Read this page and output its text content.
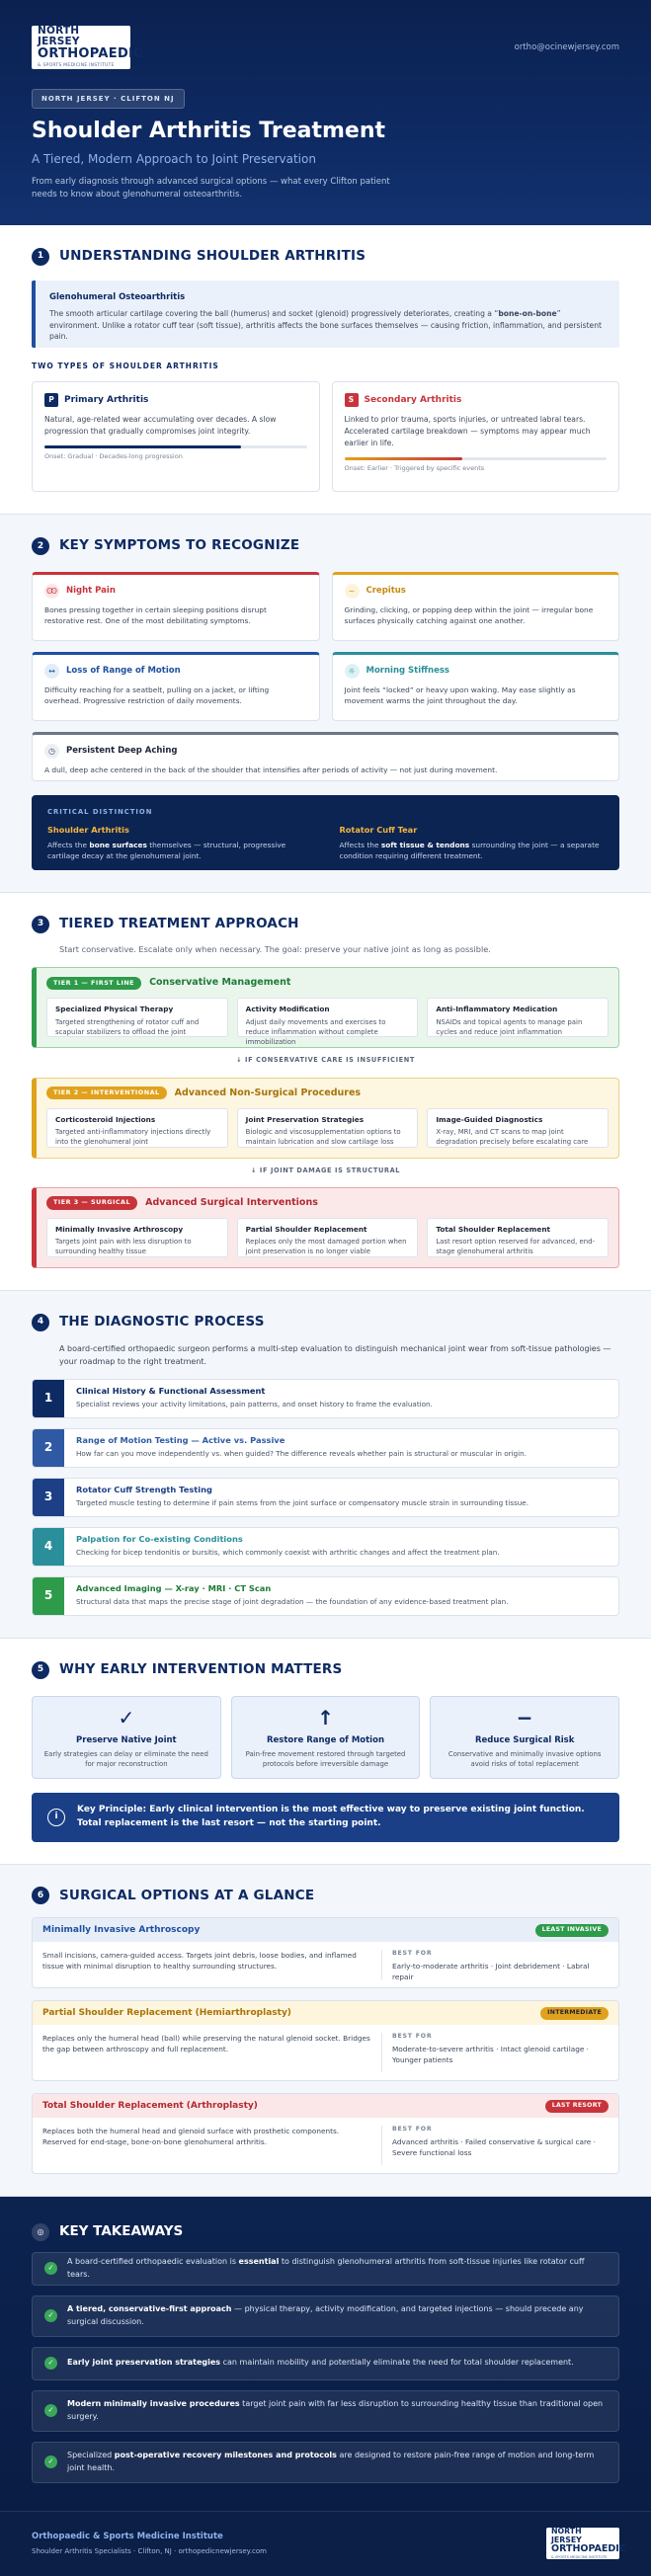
NORTH JERSEY
ORTHOPAEDIC
& SPORTS MEDICINE INSTITUTE
ortho@ocinewjersey.com
NORTH JERSEY · CLIFTON NJ
Shoulder Arthritis Treatment
A Tiered, Modern Approach to Joint Preservation
From early diagnosis through advanced surgical options — what every Clifton patient needs to know about glenohumeral osteoarthritis.
1	UNDERSTANDING SHOULDER ARTHRITIS
Glenohumeral Osteoarthritis

The smooth articular cartilage covering the ball (humerus) and socket (glenoid) progressively deteriorates, creating a “bone-on-bone” environment. Unlike a rotator cuff tear (soft tissue), arthritis affects the bone surfaces themselves — causing friction, inflammation, and persistent pain.

TWO TYPES OF SHOULDER ARTHRITIS
P	Primary Arthritis

Natural, age-related wear accumulating over decades. A slow progression that gradually compromises joint integrity.

Onset: Gradual · Decades-long progression
S	Secondary Arthritis

Linked to prior trauma, sports injuries, or untreated labral tears. Accelerated cartilage breakdown — symptoms may appear much earlier in life.

Onset: Earlier · Triggered by specific events
2	KEY SYMPTOMS TO RECOGNIZE
Ꙭ Night Pain

Bones pressing together in certain sleeping positions disrupt restorative rest. One of the most debilitating symptoms.

~	Crepitus

Grinding, clicking, or popping deep within the joint — irregular bone surfaces physically catching against one another.

↔	Loss of Range of Motion

Difficulty reaching for a seatbelt, pulling on a jacket, or lifting overhead. Progressive restriction of daily movements.

☼	Morning Stiffness

Joint feels “locked” or heavy upon waking. May ease slightly as movement warms the joint throughout the day.

◷	Persistent Deep Aching

A dull, deep ache centered in the back of the shoulder that intensifies after periods of activity — not just during movement.

CRITICAL DISTINCTION
Shoulder Arthritis
Affects the bone surfaces themselves — structural, progressive cartilage decay at the glenohumeral joint.
Rotator Cuff Tear
Affects the soft tissue & tendons surrounding the joint — a separate condition requiring different treatment.
3	TIERED TREATMENT APPROACH
Start conservative. Escalate only when necessary. The goal: preserve your native joint as long as possible.
TIER 1 — FIRST LINE	Conservative Management
Specialized Physical Therapy
Targeted strengthening of rotator cuff and scapular stabilizers to offload the joint
Activity Modification
Adjust daily movements and exercises to reduce inflammation without complete immobilization
Anti-Inflammatory Medication
NSAIDs and topical agents to manage pain cycles and reduce joint inflammation
↓ IF CONSERVATIVE CARE IS INSUFFICIENT
TIER 2 — INTERVENTIONAL	Advanced Non-Surgical Procedures
Corticosteroid Injections
Targeted anti-inflammatory injections directly into the glenohumeral joint
Joint Preservation Strategies
Biologic and viscosupplementation options to maintain lubrication and slow cartilage loss
Image-Guided Diagnostics
X-ray, MRI, and CT scans to map joint degradation precisely before escalating care
↓ IF JOINT DAMAGE IS STRUCTURAL
TIER 3 — SURGICAL	Advanced Surgical Interventions
Minimally Invasive Arthroscopy
Targets joint pain with less disruption to surrounding healthy tissue
Partial Shoulder Replacement
Replaces only the most damaged portion when joint preservation is no longer viable
Total Shoulder Replacement
Last resort option reserved for advanced, end-stage glenohumeral arthritis
4	THE DIAGNOSTIC PROCESS
A board-certified orthopaedic surgeon performs a multi-step evaluation to distinguish mechanical joint wear from soft-tissue pathologies — your roadmap to the right treatment.
1
Clinical History & Functional Assessment
Specialist reviews your activity limitations, pain patterns, and onset history to frame the evaluation.
2
Range of Motion Testing — Active vs. Passive
How far can you move independently vs. when guided? The difference reveals whether pain is structural or muscular in origin.
3
Rotator Cuff Strength Testing
Targeted muscle testing to determine if pain stems from the joint surface or compensatory muscle strain in surrounding tissue.
4
Palpation for Co-existing Conditions
Checking for bicep tendonitis or bursitis, which commonly coexist with arthritic changes and affect the treatment plan.
5
Advanced Imaging — X-ray · MRI · CT Scan
Structural data that maps the precise stage of joint degradation — the foundation of any evidence-based treatment plan.
5	WHY EARLY INTERVENTION MATTERS
✓
Preserve Native Joint
Early strategies can delay or eliminate the need for major reconstruction
↑
Restore Range of Motion
Pain-free movement restored through targeted protocols before irreversible damage
−
Reduce Surgical Risk
Conservative and minimally invasive options avoid risks of total replacement
i
Key Principle: Early clinical intervention is the most effective way to preserve existing joint function. Total replacement is the last resort — not the starting point.
6	SURGICAL OPTIONS AT A GLANCE
Minimally Invasive Arthroscopy	LEAST INVASIVE
Small incisions, camera-guided access. Targets joint debris, loose bodies, and inflamed tissue with minimal disruption to healthy surrounding structures.
BEST FOR
Early-to-moderate arthritis · Joint debridement · Labral repair
Partial Shoulder Replacement (Hemiarthroplasty)	INTERMEDIATE
Replaces only the humeral head (ball) while preserving the natural glenoid socket. Bridges the gap between arthroscopy and full replacement.
BEST FOR
Moderate-to-severe arthritis · Intact glenoid cartilage · Younger patients
Total Shoulder Replacement (Arthroplasty)	LAST RESORT
Replaces both the humeral head and glenoid surface with prosthetic components. Reserved for end-stage, bone-on-bone glenohumeral arthritis.
BEST FOR
Advanced arthritis · Failed conservative & surgical care · Severe functional loss
◎	KEY TAKEAWAYS
✓
A board-certified orthopaedic evaluation is essential to distinguish glenohumeral arthritis from soft-tissue injuries like rotator cuff tears.
✓
A tiered, conservative-first approach — physical therapy, activity modification, and targeted injections — should precede any surgical discussion.
✓	Early joint preservation strategies can maintain mobility and potentially eliminate the need for total shoulder replacement.
✓
Modern minimally invasive procedures target joint pain with far less disruption to surrounding healthy tissue than traditional open surgery.
✓
Specialized post-operative recovery milestones and protocols are designed to restore pain-free range of motion and long-term joint health.
Orthopaedic & Sports Medicine Institute
Shoulder Arthritis Specialists · Clifton, NJ · orthopedicnewjersey.com
NORTH JERSEY
ORTHOPAEDIC
& SPORTS MEDICINE INSTITUTE
